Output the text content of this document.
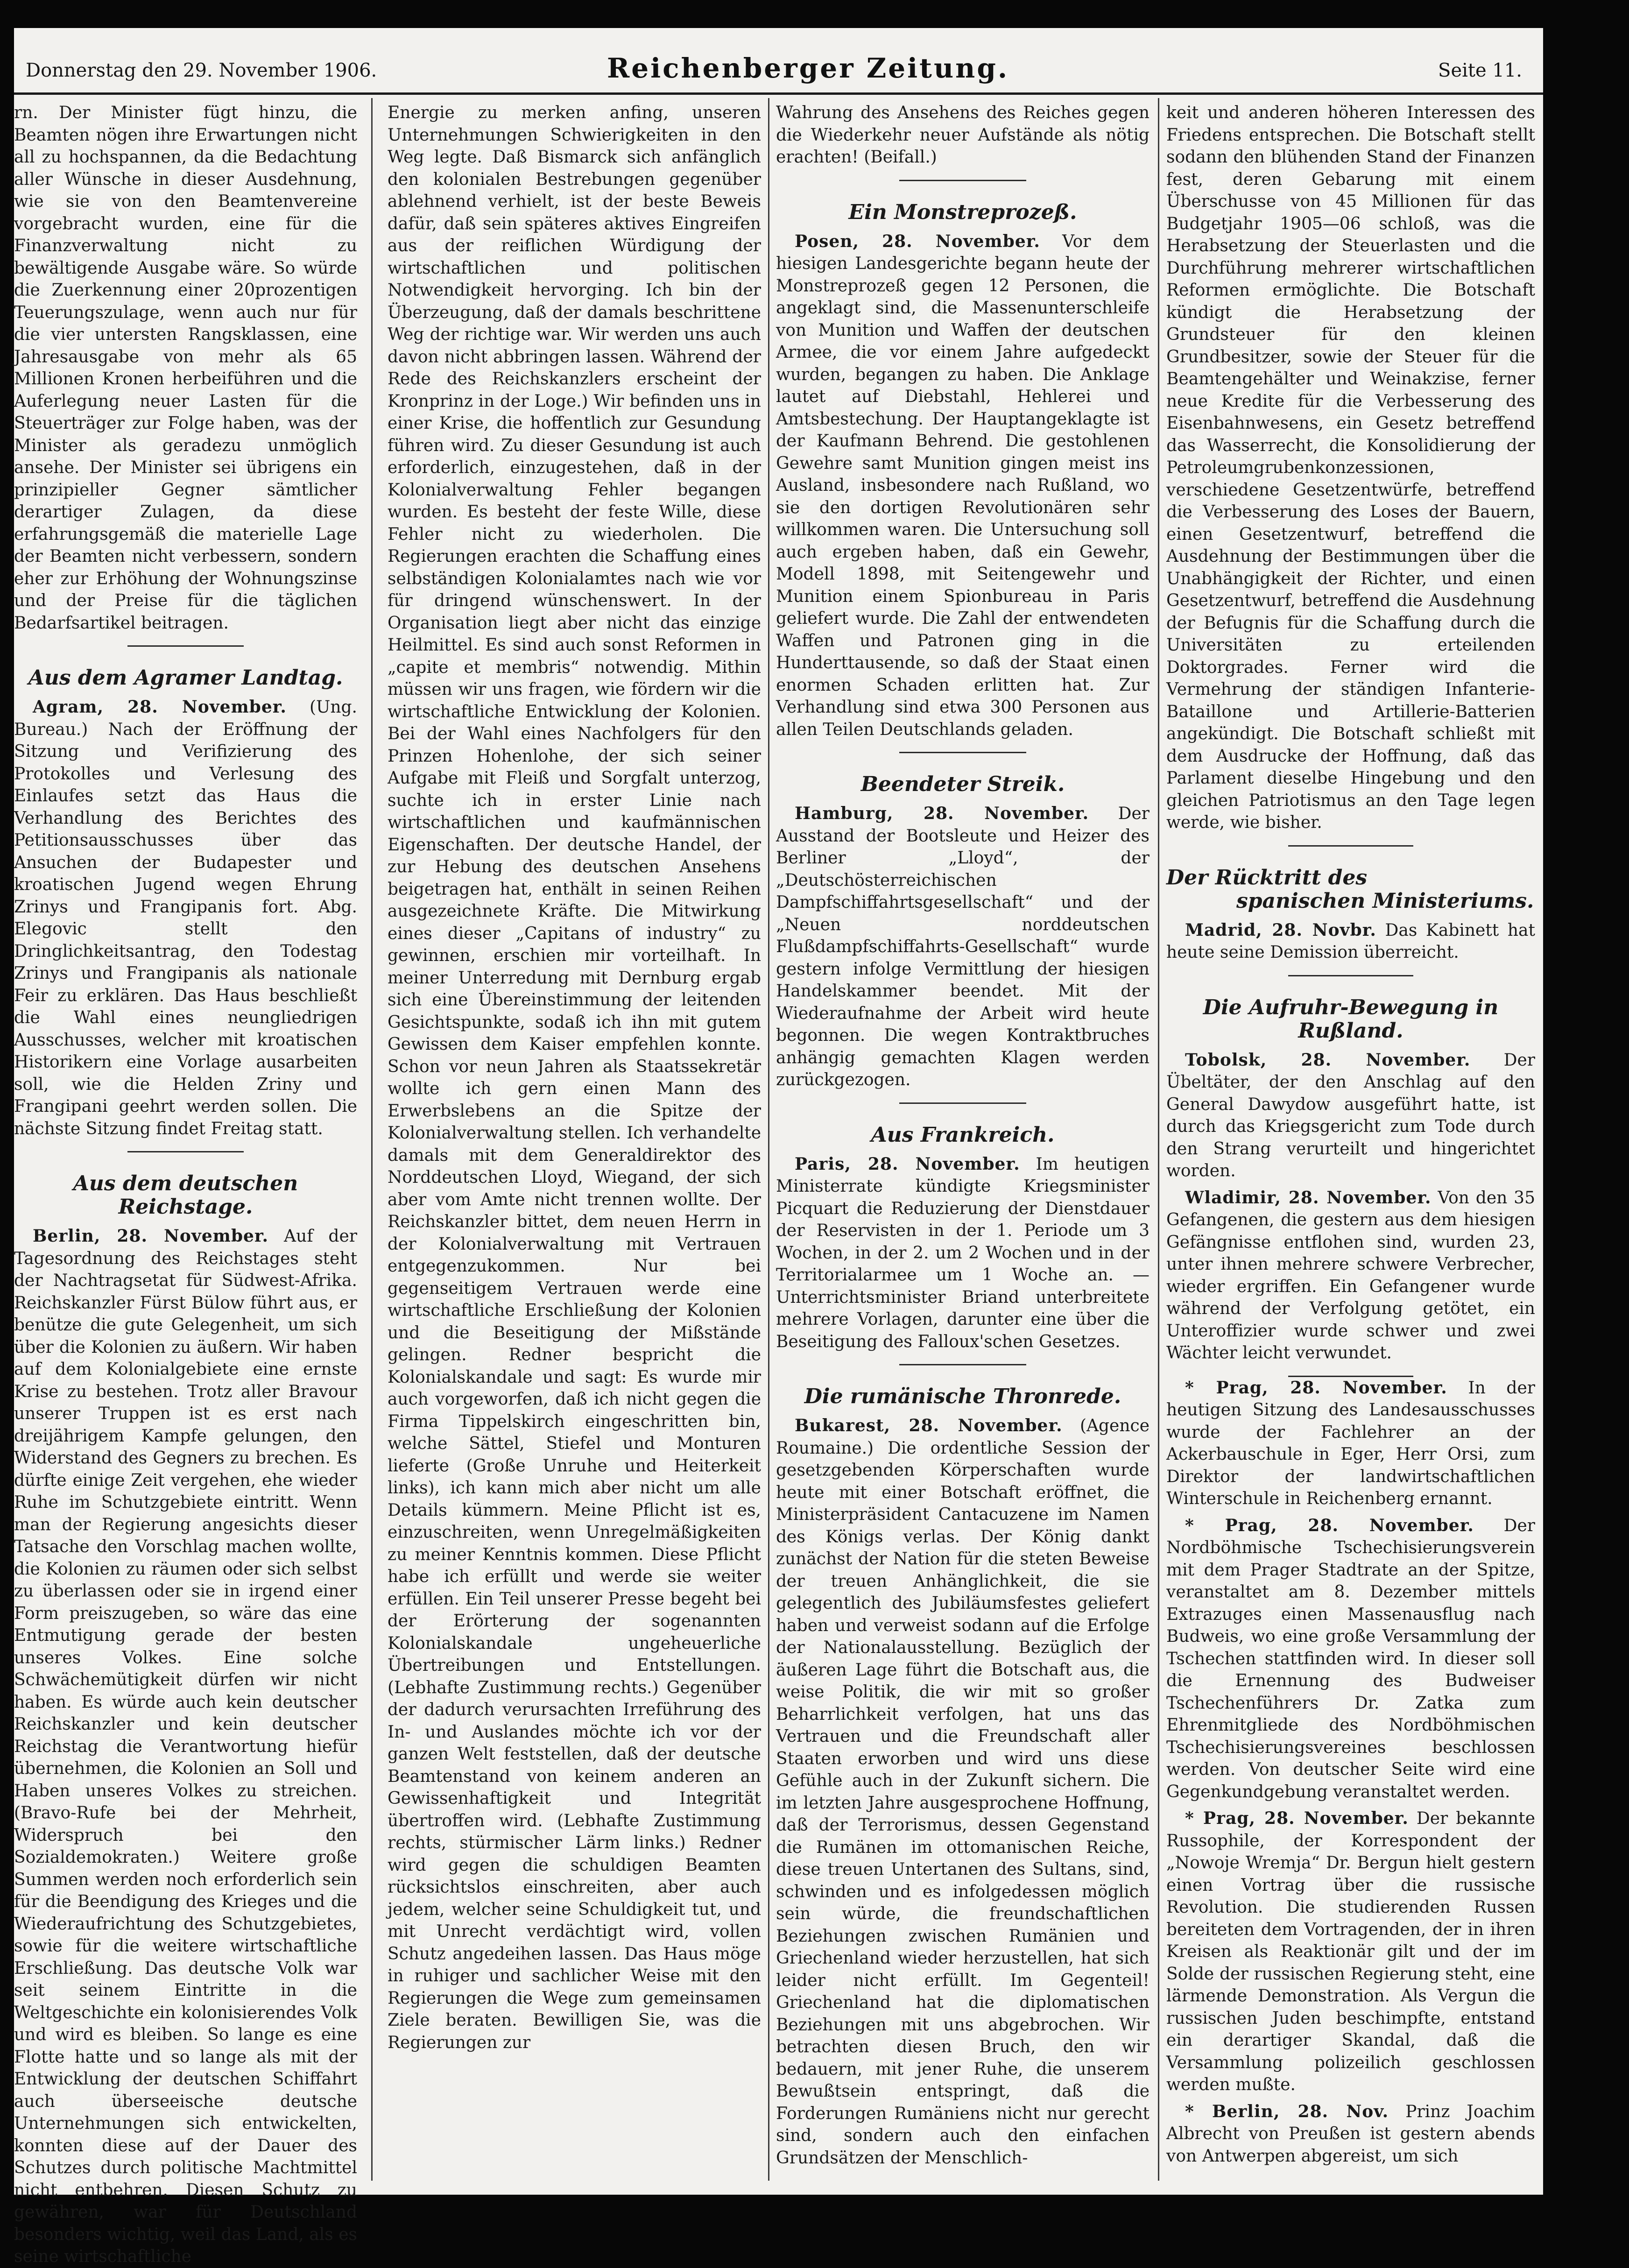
Donnerstag den 29. November 1906.	Reichenberger Zeitung.	Seite 11.

rn. Der Minister fügt hinzu, die Beamten nögen ihre Erwartungen nicht all zu hochspannen, da die Bedachtung aller Wünsche in dieser Ausdehnung, wie sie von den Beamtenvereine vorgebracht wurden, eine für die Finanzverwaltung nicht zu bewältigende Ausgabe wäre. So würde die Zuerkennung einer 20prozentigen Teuerungszulage, wenn auch nur für die vier untersten Rangsklassen, eine Jahresausgabe von mehr als 65 Millionen Kronen herbeiführen und die Auferlegung neuer Lasten für die Steuerträger zur Folge haben, was der Minister als geradezu unmöglich ansehe. Der Minister sei übrigens ein prinzipieller Gegner sämtlicher derartiger Zulagen, da diese erfahrungsgemäß die materielle Lage der Beamten nicht verbessern, sondern eher zur Erhöhung der Wohnungszinse und der Preise für die täglichen Bedarfsartikel beitragen.

Aus dem Agramer Landtag.

Agram, 28. November. (Ung. Bureau.) Nach der Eröffnung der Sitzung und Verifizierung des Protokolles und Verlesung des Einlaufes setzt das Haus die Verhandlung des Berichtes des Petitionsausschusses über das Ansuchen der Budapester und kroatischen Jugend wegen Ehrung Zrinys und Frangipanis fort. Abg. Elegovic stellt den Dringlichkeitsantrag, den Todestag Zrinys und Frangipanis als nationale Feir zu erklären. Das Haus beschließt die Wahl eines neungliedrigen Ausschusses, welcher mit kroatischen Historikern eine Vorlage ausarbeiten soll, wie die Helden Zriny und Frangipani geehrt werden sollen. Die nächste Sitzung findet Freitag statt.

Aus dem deutschen Reichstage.

Berlin, 28. November. Auf der Tagesordnung des Reichstages steht der Nachtragsetat für Südwest-Afrika. Reichskanzler Fürst Bülow führt aus, er benütze die gute Gelegenheit, um sich über die Kolonien zu äußern. Wir haben auf dem Kolonialgebiete eine ernste Krise zu bestehen. Trotz aller Bravour unserer Truppen ist es erst nach dreijährigem Kampfe gelungen, den Widerstand des Gegners zu brechen. Es dürfte einige Zeit vergehen, ehe wieder Ruhe im Schutzgebiete eintritt. Wenn man der Regierung angesichts dieser Tatsache den Vorschlag machen wollte, die Kolonien zu räumen oder sich selbst zu überlassen oder sie in irgend einer Form preiszugeben, so wäre das eine Entmutigung gerade der besten unseres Volkes. Eine solche Schwächemütigkeit dürfen wir nicht haben. Es würde auch kein deutscher Reichskanzler und kein deutscher Reichstag die Verantwortung hiefür übernehmen, die Kolonien an Soll und Haben unseres Volkes zu streichen. (Bravo-Rufe bei der Mehrheit, Widerspruch bei den Sozialdemokraten.) Weitere große Summen werden noch erforderlich sein für die Beendigung des Krieges und die Wiederaufrichtung des Schutzgebietes, sowie für die weitere wirtschaftliche Erschließung. Das deutsche Volk war seit seinem Eintritte in die Weltgeschichte ein kolonisierendes Volk und wird es bleiben. So lange es eine Flotte hatte und so lange als mit der Entwicklung der deutschen Schiffahrt auch überseeische deutsche Unternehmungen sich entwickelten, konnten diese auf der Dauer des Schutzes durch politische Machtmittel nicht entbehren. Diesen Schutz zu gewähren, war für Deutschland besonders wichtig, weil das Land, als es seine wirtschaftliche

Energie zu merken anfing, unseren Unternehmungen Schwierigkeiten in den Weg legte. Daß Bismarck sich anfänglich den kolonialen Bestrebungen gegenüber ablehnend verhielt, ist der beste Beweis dafür, daß sein späteres aktives Eingreifen aus der reiflichen Würdigung der wirtschaftlichen und politischen Notwendigkeit hervorging. Ich bin der Überzeugung, daß der damals beschrittene Weg der richtige war. Wir werden uns auch davon nicht abbringen lassen. Während der Rede des Reichskanzlers erscheint der Kronprinz in der Loge.) Wir befinden uns in einer Krise, die hoffentlich zur Gesundung führen wird. Zu dieser Gesundung ist auch erforderlich, einzugestehen, daß in der Kolonialverwaltung Fehler begangen wurden. Es besteht der feste Wille, diese Fehler nicht zu wiederholen. Die Regierungen erachten die Schaffung eines selbständigen Kolonialamtes nach wie vor für dringend wünschenswert. In der Organisation liegt aber nicht das einzige Heilmittel. Es sind auch sonst Reformen in „capite et membris“ notwendig. Mithin müssen wir uns fragen, wie fördern wir die wirtschaftliche Entwicklung der Kolonien. Bei der Wahl eines Nachfolgers für den Prinzen Hohenlohe, der sich seiner Aufgabe mit Fleiß und Sorgfalt unterzog, suchte ich in erster Linie nach wirtschaftlichen und kaufmännischen Eigenschaften. Der deutsche Handel, der zur Hebung des deutschen Ansehens beigetragen hat, enthält in seinen Reihen ausgezeichnete Kräfte. Die Mitwirkung eines dieser „Capitans of industry“ zu gewinnen, erschien mir vorteilhaft. In meiner Unterredung mit Dernburg ergab sich eine Übereinstimmung der leitenden Gesichtspunkte, sodaß ich ihn mit gutem Gewissen dem Kaiser empfehlen konnte. Schon vor neun Jahren als Staatssekretär wollte ich gern einen Mann des Erwerbslebens an die Spitze der Kolonialverwaltung stellen. Ich verhandelte damals mit dem Generaldirektor des Norddeutschen Lloyd, Wiegand, der sich aber vom Amte nicht trennen wollte. Der Reichskanzler bittet, dem neuen Herrn in der Kolonialverwaltung mit Vertrauen entgegenzukommen. Nur bei gegenseitigem Vertrauen werde eine wirtschaftliche Erschließung der Kolonien und die Beseitigung der Mißstände gelingen. Redner bespricht die Kolonialskandale und sagt: Es wurde mir auch vorgeworfen, daß ich nicht gegen die Firma Tippelskirch eingeschritten bin, welche Sättel, Stiefel und Monturen lieferte (Große Unruhe und Heiterkeit links), ich kann mich aber nicht um alle Details kümmern. Meine Pflicht ist es, einzuschreiten, wenn Unregelmäßigkeiten zu meiner Kenntnis kommen. Diese Pflicht habe ich erfüllt und werde sie weiter erfüllen. Ein Teil unserer Presse begeht bei der Erörterung der sogenannten Kolonialskandale ungeheuerliche Übertreibungen und Entstellungen. (Lebhafte Zustimmung rechts.) Gegenüber der dadurch verursachten Irreführung des In- und Auslandes möchte ich vor der ganzen Welt feststellen, daß der deutsche Beamtenstand von keinem anderen an Gewissenhaftigkeit und Integrität übertroffen wird. (Lebhafte Zustimmung rechts, stürmischer Lärm links.) Redner wird gegen die schuldigen Beamten rücksichtslos einschreiten, aber auch jedem, welcher seine Schuldigkeit tut, und mit Unrecht verdächtigt wird, vollen Schutz angedeihen lassen. Das Haus möge in ruhiger und sachlicher Weise mit den Regierungen die Wege zum gemeinsamen Ziele beraten. Bewilligen Sie, was die Regierungen zur

Wahrung des Ansehens des Reiches gegen die Wiederkehr neuer Aufstände als nötig erachten! (Beifall.)

Ein Monstreprozeß.

Posen, 28. November. Vor dem hiesigen Landesgerichte begann heute der Monstreprozeß gegen 12 Personen, die angeklagt sind, die Massenunterschleife von Munition und Waffen der deutschen Armee, die vor einem Jahre aufgedeckt wurden, begangen zu haben. Die Anklage lautet auf Diebstahl, Hehlerei und Amtsbestechung. Der Hauptangeklagte ist der Kaufmann Behrend. Die gestohlenen Gewehre samt Munition gingen meist ins Ausland, insbesondere nach Rußland, wo sie den dortigen Revolutionären sehr willkommen waren. Die Untersuchung soll auch ergeben haben, daß ein Gewehr, Modell 1898, mit Seitengewehr und Munition einem Spionbureau in Paris geliefert wurde. Die Zahl der entwendeten Waffen und Patronen ging in die Hunderttausende, so daß der Staat einen enormen Schaden erlitten hat. Zur Verhandlung sind etwa 300 Personen aus allen Teilen Deutschlands geladen.

Beendeter Streik.

Hamburg, 28. November. Der Ausstand der Bootsleute und Heizer des Berliner „Lloyd“, der „Deutschösterreichischen Dampfschiffahrtsgesellschaft“ und der „Neuen norddeutschen Flußdampfschiffahrts-Gesellschaft“ wurde gestern infolge Vermittlung der hiesigen Handelskammer beendet. Mit der Wiederaufnahme der Arbeit wird heute begonnen. Die wegen Kontraktbruches anhängig gemachten Klagen werden zurückgezogen.

Aus Frankreich.

Paris, 28. November. Im heutigen Ministerrate kündigte Kriegsminister Picquart die Reduzierung der Dienstdauer der Reservisten in der 1. Periode um 3 Wochen, in der 2. um 2 Wochen und in der Territorialarmee um 1 Woche an. — Unterrichtsminister Briand unterbreitete mehrere Vorlagen, darunter eine über die Beseitigung des Falloux'schen Gesetzes.

Die rumänische Thronrede.

Bukarest, 28. November. (Agence Roumaine.) Die ordentliche Session der gesetzgebenden Körperschaften wurde heute mit einer Botschaft eröffnet, die Ministerpräsident Cantacuzene im Namen des Königs verlas. Der König dankt zunächst der Nation für die steten Beweise der treuen Anhänglichkeit, die sie gelegentlich des Jubiläumsfestes geliefert haben und verweist sodann auf die Erfolge der Nationalausstellung. Bezüglich der äußeren Lage führt die Botschaft aus, die weise Politik, die wir mit so großer Beharrlichkeit verfolgen, hat uns das Vertrauen und die Freundschaft aller Staaten erworben und wird uns diese Gefühle auch in der Zukunft sichern. Die im letzten Jahre ausgesprochene Hoffnung, daß der Terrorismus, dessen Gegenstand die Rumänen im ottomanischen Reiche, diese treuen Untertanen des Sultans, sind, schwinden und es infolgedessen möglich sein würde, die freundschaftlichen Beziehungen zwischen Rumänien und Griechenland wieder herzustellen, hat sich leider nicht erfüllt. Im Gegenteil! Griechenland hat die diplomatischen Beziehungen mit uns abgebrochen. Wir betrachten diesen Bruch, den wir bedauern, mit jener Ruhe, die unserem Bewußtsein entspringt, daß die Forderungen Rumäniens nicht nur gerecht sind, sondern auch den einfachen Grundsätzen der Menschlich-

keit und anderen höheren Interessen des Friedens entsprechen. Die Botschaft stellt sodann den blühenden Stand der Finanzen fest, deren Gebarung mit einem Überschusse von 45 Millionen für das Budgetjahr 1905—06 schloß, was die Herabsetzung der Steuerlasten und die Durchführung mehrerer wirtschaftlichen Reformen ermöglichte. Die Botschaft kündigt die Herabsetzung der Grundsteuer für den kleinen Grundbesitzer, sowie der Steuer für die Beamtengehälter und Weinakzise, ferner neue Kredite für die Verbesserung des Eisenbahnwesens, ein Gesetz betreffend das Wasserrecht, die Konsolidierung der Petroleumgrubenkonzessionen, verschiedene Gesetzentwürfe, betreffend die Verbesserung des Loses der Bauern, einen Gesetzentwurf, betreffend die Ausdehnung der Bestimmungen über die Unabhängigkeit der Richter, und einen Gesetzentwurf, betreffend die Ausdehnung der Befugnis für die Schaffung durch die Universitäten zu erteilenden Doktorgrades. Ferner wird die Vermehrung der ständigen Infanterie-Bataillone und Artillerie-Batterien angekündigt. Die Botschaft schließt mit dem Ausdrucke der Hoffnung, daß das Parlament dieselbe Hingebung und den gleichen Patriotismus an den Tage legen werde, wie bisher.

Der Rücktritt des
spanischen Ministeriums.

Madrid, 28. Novbr. Das Kabinett hat heute seine Demission überreicht.

Die Aufruhr-Bewegung in Rußland.

Tobolsk, 28. November. Der Übeltäter, der den Anschlag auf den General Dawydow ausgeführt hatte, ist durch das Kriegsgericht zum Tode durch den Strang verurteilt und hingerichtet worden.

Wladimir, 28. November. Von den 35 Gefangenen, die gestern aus dem hiesigen Gefängnisse entflohen sind, wurden 23, unter ihnen mehrere schwere Verbrecher, wieder ergriffen. Ein Gefangener wurde während der Verfolgung getötet, ein Unteroffizier wurde schwer und zwei Wächter leicht verwundet.

* Prag, 28. November. In der heutigen Sitzung des Landesausschusses wurde der Fachlehrer an der Ackerbauschule in Eger, Herr Orsi, zum Direktor der landwirtschaftlichen Winterschule in Reichenberg ernannt.

* Prag, 28. November. Der Nordböhmische Tschechisierungsverein mit dem Prager Stadtrate an der Spitze, veranstaltet am 8. Dezember mittels Extrazuges einen Massenausflug nach Budweis, wo eine große Versammlung der Tschechen stattfinden wird. In dieser soll die Ernennung des Budweiser Tschechenführers Dr. Zatka zum Ehrenmitgliede des Nordböhmischen Tschechisierungsvereines beschlossen werden. Von deutscher Seite wird eine Gegenkundgebung veranstaltet werden.

* Prag, 28. November. Der bekannte Russophile, der Korrespondent der „Nowoje Wremja“ Dr. Bergun hielt gestern einen Vortrag über die russische Revolution. Die studierenden Russen bereiteten dem Vortragenden, der in ihren Kreisen als Reaktionär gilt und der im Solde der russischen Regierung steht, eine lärmende Demonstration. Als Vergun die russischen Juden beschimpfte, entstand ein derartiger Skandal, daß die Versammlung polizeilich geschlossen werden mußte.

* Berlin, 28. Nov. Prinz Joachim Albrecht von Preußen ist gestern abends von Antwerpen abgereist, um sich
